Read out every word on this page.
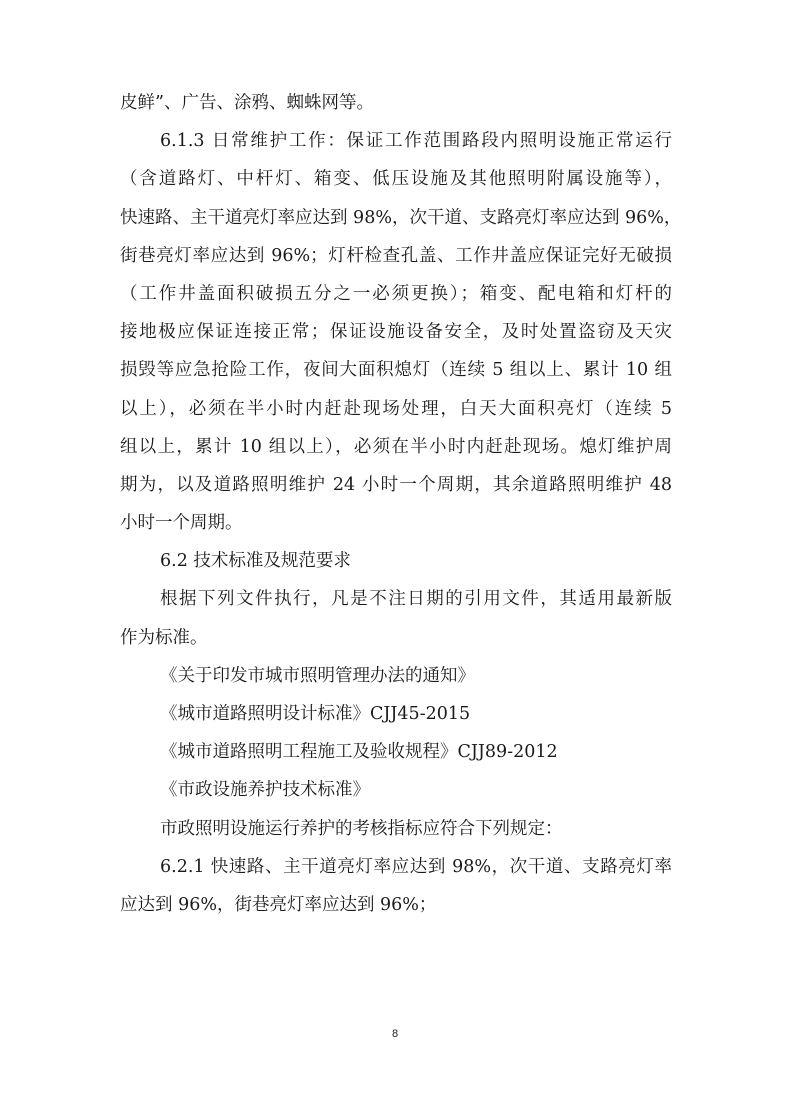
皮鲜”、广告、涂鸦、蜘蛛网等。
6.1.3 日常维护工作：保证工作范围路段内照明设施正常运行
（含道路灯、中杆灯、箱变、低压设施及其他照明附属设施等），
快速路、主干道亮灯率应达到 98%，次干道、支路亮灯率应达到 96%，
街巷亮灯率应达到 96%；灯杆检查孔盖、工作井盖应保证完好无破损
（工作井盖面积破损五分之一必须更换）；箱变、配电箱和灯杆的
接地极应保证连接正常；保证设施设备安全，及时处置盗窃及天灾
损毁等应急抢险工作，夜间大面积熄灯（连续 5 组以上、累计 10 组
以上），必须在半小时内赶赴现场处理，白天大面积亮灯（连续 5
组以上，累计 10 组以上），必须在半小时内赶赴现场。熄灯维护周
期为，以及道路照明维护 24 小时一个周期，其余道路照明维护 48
小时一个周期。
6.2 技术标准及规范要求
根据下列文件执行，凡是不注日期的引用文件，其适用最新版
作为标准。
《关于印发市城市照明管理办法的通知》
《城市道路照明设计标准》CJJ45-2015
《城市道路照明工程施工及验收规程》CJJ89-2012
《市政设施养护技术标准》
市政照明设施运行养护的考核指标应符合下列规定：
6.2.1 快速路、主干道亮灯率应达到 98%，次干道、支路亮灯率
应达到 96%，街巷亮灯率应达到 96%；
8
